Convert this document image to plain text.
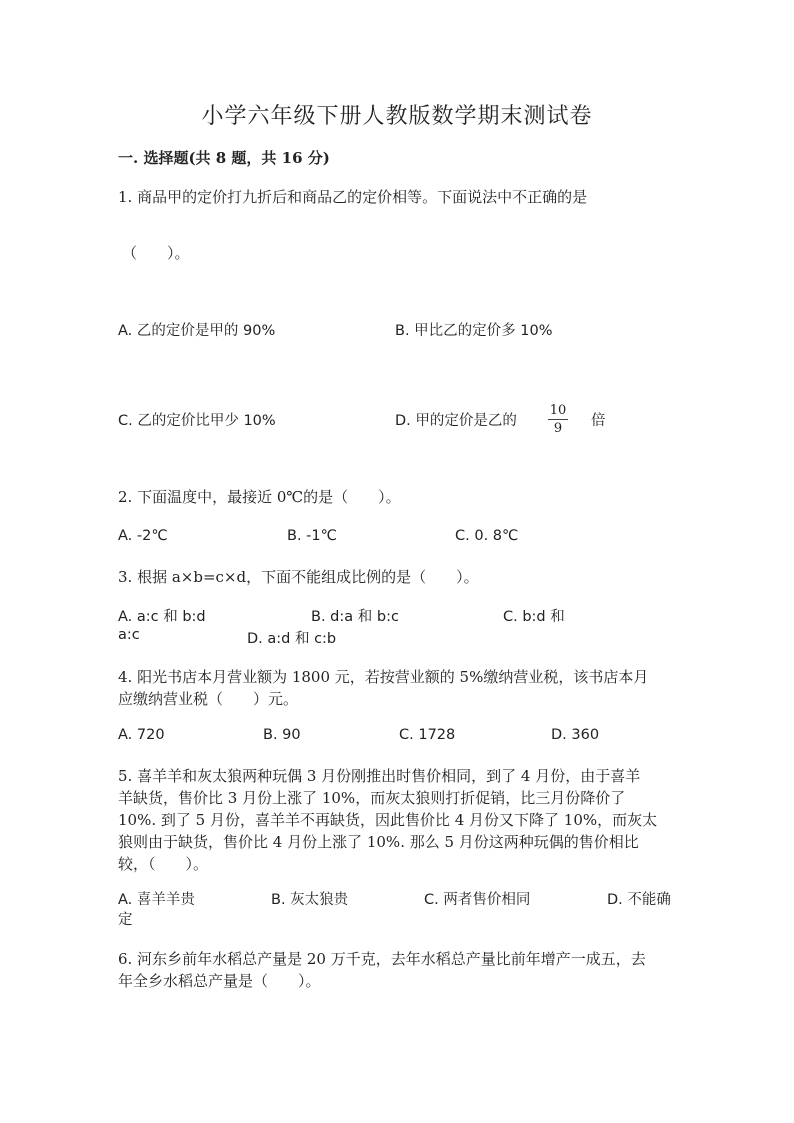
小学六年级下册人教版数学期末测试卷
一. 选择题(共 8 题，共 16 分)
1. 商品甲的定价打九折后和商品乙的定价相等。下面说法中不正确的是
（　　）。
A. 乙的定价是甲的 90%	B. 甲比乙的定价多 10%
C. 乙的定价比甲少 10%	D. 甲的定价是乙的
10
9	倍
2. 下面温度中，最接近 0℃的是（　　）。
A. -2℃	B. -1℃	C. 0. 8℃
3. 根据 a×b=c×d，下面不能组成比例的是（　　）。
A. a:c 和 b:d	B. d:a 和 b:c	C. b:d 和
a:c	D. a:d 和 c:b
4. 阳光书店本月营业额为 1800 元，若按营业额的 5%缴纳营业税，该书店本月
应缴纳营业税（　　）元。
A. 720	B. 90	C. 1728	D. 360
5. 喜羊羊和灰太狼两种玩偶 3 月份刚推出时售价相同，到了 4 月份，由于喜羊
羊缺货，售价比 3 月份上涨了 10%，而灰太狼则打折促销，比三月份降价了
10%. 到了 5 月份，喜羊羊不再缺货，因此售价比 4 月份又下降了 10%，而灰太
狼则由于缺货，售价比 4 月份上涨了 10%. 那么 5 月份这两种玩偶的售价相比
较，（　　）。
A. 喜羊羊贵	B. 灰太狼贵	C. 两者售价相同	D. 不能确
定
6. 河东乡前年水稻总产量是 20 万千克，去年水稻总产量比前年增产一成五，去
年全乡水稻总产量是（　　）。
